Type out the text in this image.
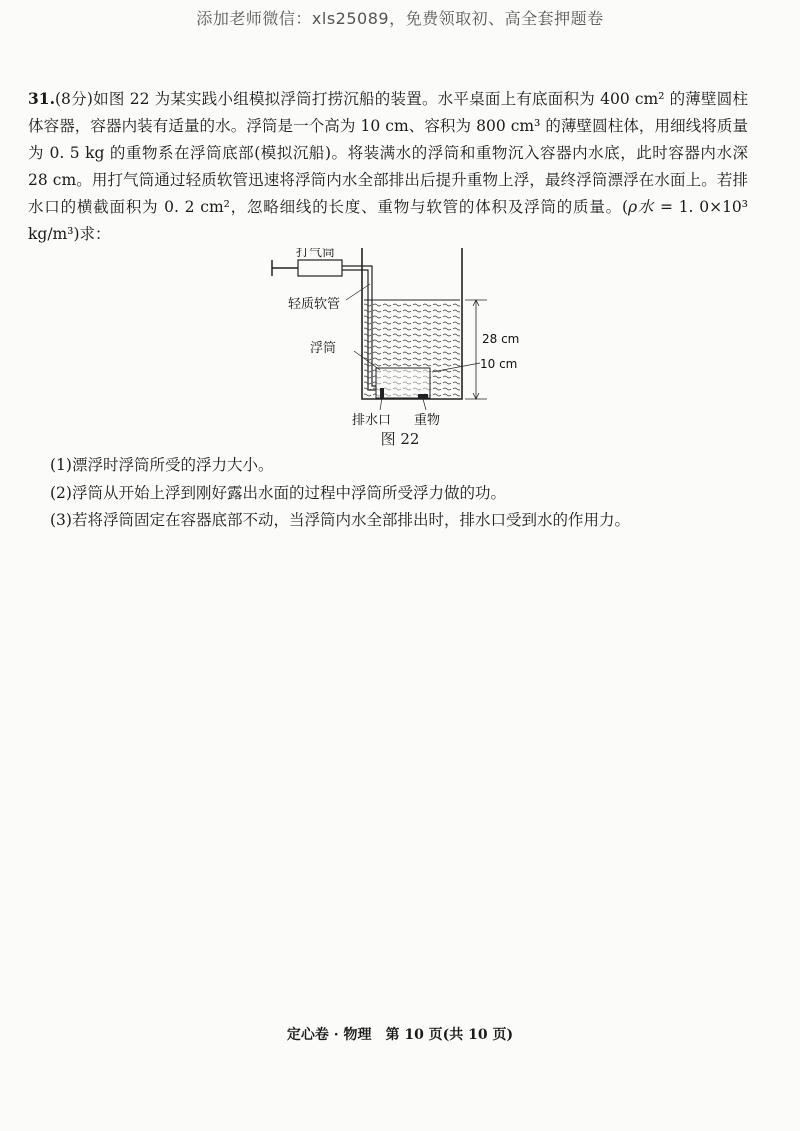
添加老师微信：xls25089，免费领取初、高全套押题卷
31.(8分)如图 22 为某实践小组模拟浮筒打捞沉船的装置。水平桌面上有底面积为 400 cm² 的薄壁圆柱体容器，容器内装有适量的水。浮筒是一个高为 10 cm、容积为 800 cm³ 的薄壁圆柱体，用细线将质量为 0. 5 kg 的重物系在浮筒底部(模拟沉船)。将装满水的浮筒和重物沉入容器内水底，此时容器内水深 28 cm。用打气筒通过轻质软管迅速将浮筒内水全部排出后提升重物上浮，最终浮筒漂浮在水面上。若排水口的横截面积为 0. 2 cm²，忽略细线的长度、重物与软管的体积及浮筒的质量。(ρ水 = 1. 0×10³ kg/m³)求：
打气筒
轻质软管
浮筒
28 cm
10 cm
排水口 重物
图 22
(1)漂浮时浮筒所受的浮力大小。
(2)浮筒从开始上浮到刚好露出水面的过程中浮筒所受浮力做的功。
(3)若将浮筒固定在容器底部不动，当浮筒内水全部排出时，排水口受到水的作用力。
定心卷 · 物理　第 10 页(共 10 页)
